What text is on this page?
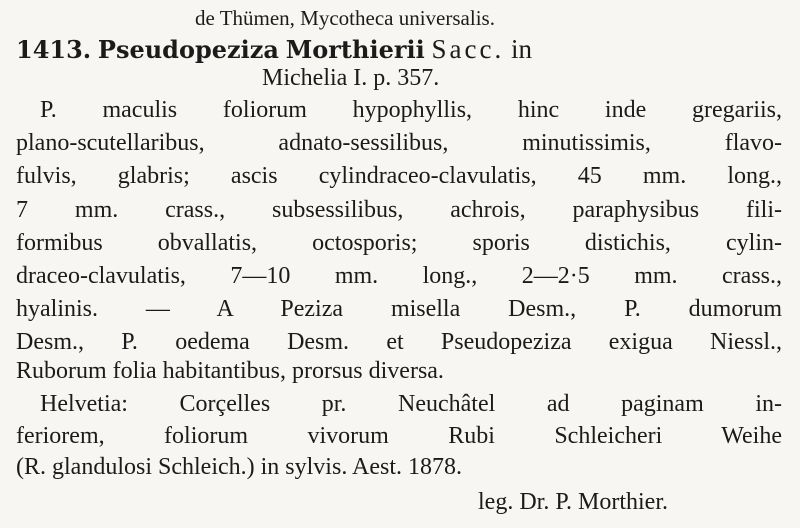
de Thümen, Mycotheca universalis.
1413. Pseudopeziza Morthierii Sacc. in
Michelia I. p. 357.
P. maculis foliorum hypophyllis, hinc inde gregariis,
plano-scutellaribus, adnato-sessilibus, minutissimis, flavo-
fulvis, glabris; ascis cylindraceo-clavulatis, 45 mm. long.,
7 mm. crass., subsessilibus, achrois, paraphysibus fili-
formibus obvallatis, octosporis; sporis distichis, cylin-
draceo-clavulatis, 7—10 mm. long., 2—2·5 mm. crass.,
hyalinis. — A Peziza misella Desm., P. dumorum
Desm., P. oedema Desm. et Pseudopeziza exigua Niessl.,
Ruborum folia habitantibus, prorsus diversa.
Helvetia: Corçelles pr. Neuchâtel ad paginam in-
feriorem, foliorum vivorum Rubi Schleicheri Weihe
(R. glandulosi Schleich.) in sylvis. Aest. 1878.
leg. Dr. P. Morthier.
